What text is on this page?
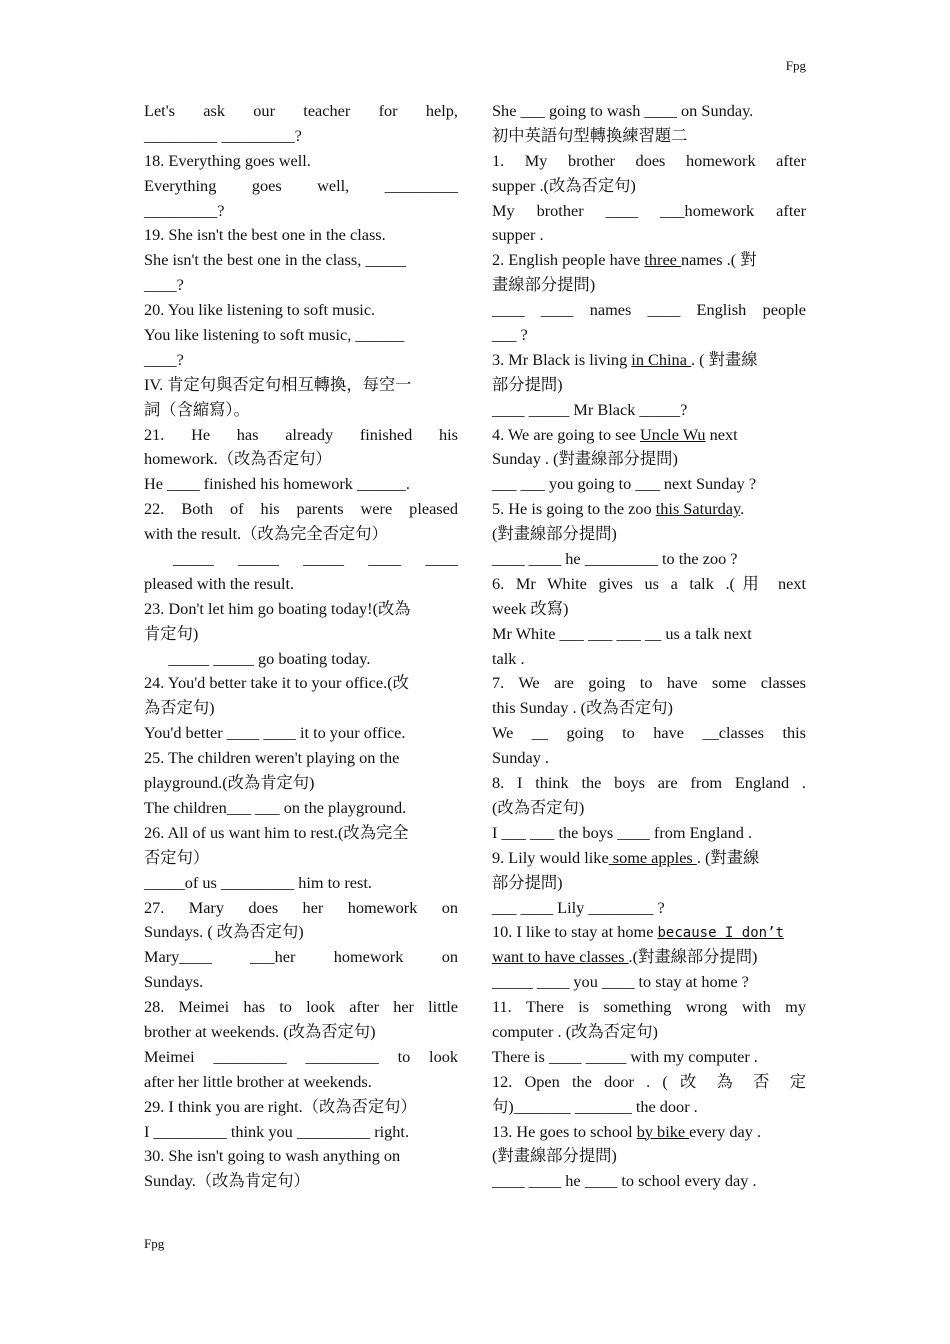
Fpg
Let's ask our teacher for help,
_________ _________?
18. Everything goes well.
Everything goes well, _________
_________?
19. She isn't the best one in the class.
She isn't the best one in the class, _____
____?
20. You like listening to soft music.
You like listening to soft music, ______
____?
IV. 肯定句與否定句相互轉換，每空一
詞（含縮寫）。
21. He has already finished his
homework.（改為否定句）
He ____ finished his homework ______.
22. Both of his parents were pleased
with the result.（改為完全否定句）
_____ _____ _____ ____ ____
pleased with the result.
23. Don't let him go boating today!(改為
肯定句)
_____ _____ go boating today.
24. You'd better take it to your office.(改
為否定句)
You'd better ____ ____ it to your office.
25. The children weren't playing on the
playground.(改為肯定句)
The children___ ___ on the playground.
26. All of us want him to rest.(改為完全
否定句）
_____of us _________ him to rest.
27. Mary does her homework on
Sundays. ( 改為否定句)
Mary____ ___her homework on
Sundays.
28. Meimei has to look after her little
brother at weekends. (改為否定句)
Meimei _________ _________ to look
after her little brother at weekends.
29. I think you are right.（改為否定句）
I _________ think you _________ right.
30. She isn't going to wash anything on
Sunday.（改為肯定句）
She ___ going to wash ____ on Sunday.
初中英語句型轉換練習題二
1. My brother does homework after
supper .(改為否定句)
My brother ____ ___homework after
supper .
2. English people have three names .( 對
畫線部分提問)
____ ____ names ____ English people
___ ?
3. Mr Black is living in China . ( 對畫線
部分提問)
____ _____ Mr Black _____?
4. We are going to see Uncle Wu next
Sunday . (對畫線部分提問)
___ ___ you going to ___ next Sunday ?
5. He is going to the zoo this Saturday.
(對畫線部分提問)
____ ____ he _________ to the zoo ?
6. Mr White gives us a talk .(用 next
week 改寫)
Mr White ___ ___ ___ __ us a talk next
talk .
7. We are going to have some classes
this Sunday . (改為否定句)
We __ going to have __classes this
Sunday .
8. I think the boys are from England .
(改為否定句)
I ___ ___ the boys ____ from England .
9. Lily would like some apples . (對畫線
部分提問)
___ ____ Lily ________ ?
10. I like to stay at home because I don’t
want to have classes .(對畫線部分提問)
_____ ____ you ____ to stay at home ?
11. There is something wrong with my
computer . (改為否定句)
There is ____ _____ with my computer .
12. Open the door . ( 改 為 否 定
句)_______ _______ the door .
13. He goes to school by bike every day .
(對畫線部分提問)
____ ____ he ____ to school every day .
Fpg
